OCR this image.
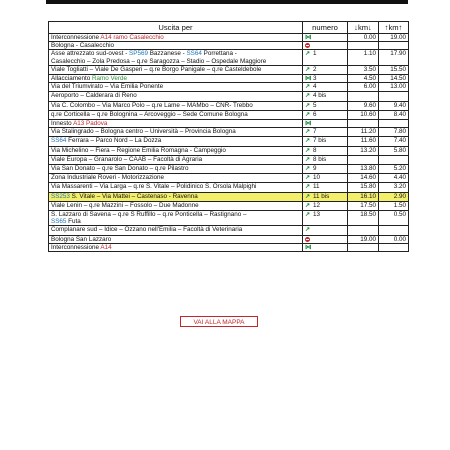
Uscita per	numero	↓km↓	↑km↑
Interconnessione A14 ramo Casalecchio	⋈	0.00	19.00
Bologna - Casalecchio			
Asse attrezzato sud-ovest - SP569 Bazzanese - SS64 Porrettana -
Casalecchio – Zola Predosa – q.re Saragozza – Stadio – Ospedale Maggiore	↗ 1	1.10	17.90
Viale Togliatti – Viale De Gasperi – q.re Borgo Panigale – q.re Casteldebole	↗ 2	3.50	15.50
Allacciamento Ramo Verde	⋈ 3	4.50	14.50
Via del Triumvirato – Via Emilia Ponente	↗ 4	6.00	13.00
Aeroporto – Calderara di Reno	↗ 4 bis		
Via C. Colombo – Via Marco Polo – q.re Lame – MAMbo – CNR- Trebbo	↗ 5	9.60	9.40
q.re Corticella – q.re Bolognina – Arcoveggio – Sede Comune Bologna	↗ 6	10.60	8.40
Innesto A13 Padova	⋈		
Via Stalingrado – Bologna centro – Università – Provincia Bologna	↗ 7	11.20	7.80
SS64 Ferrara – Parco Nord – La Dozza	↗ 7 bis	11.60	7.40
Via Michelino – Fiera – Regione Emilia Romagna - Campeggio	↗ 8	13.20	5.80
Viale Europa – Granarolo – CAAB – Facoltà di Agraria	↗ 8 bis		
Via San Donato – q.re San Donato – q.re Pilastro	↗ 9	13.80	5.20
Zona Industriale Roveri - Motorizzazione	↗ 10	14.60	4.40
Via Massarenti – Via Larga – q.re S. Vitale – Polidinico S. Orsola Malpighi	↗ 11	15.80	3.20
SS253 S. Vitale – Via Mattei – Castenaso - Ravenna	↗ 11 bis	16.10	2.90
Viale Lenin – q.re Mazzini – Fossolo – Due Madonne	↗ 12	17.50	1.50
S. Lazzaro di Savena – q.re S Ruffillo – q.re Ponticella – Rastignano –
SS65 Futa	↗ 13	18.50	0.50
Complanare sud – Idice – Ozzano nell'Emilia – Facoltà di Veterinaria	↗		
Bologna San Lazzaro		19.00	0.00
Interconnessione A14	⋈		
VAI ALLA MAPPA
